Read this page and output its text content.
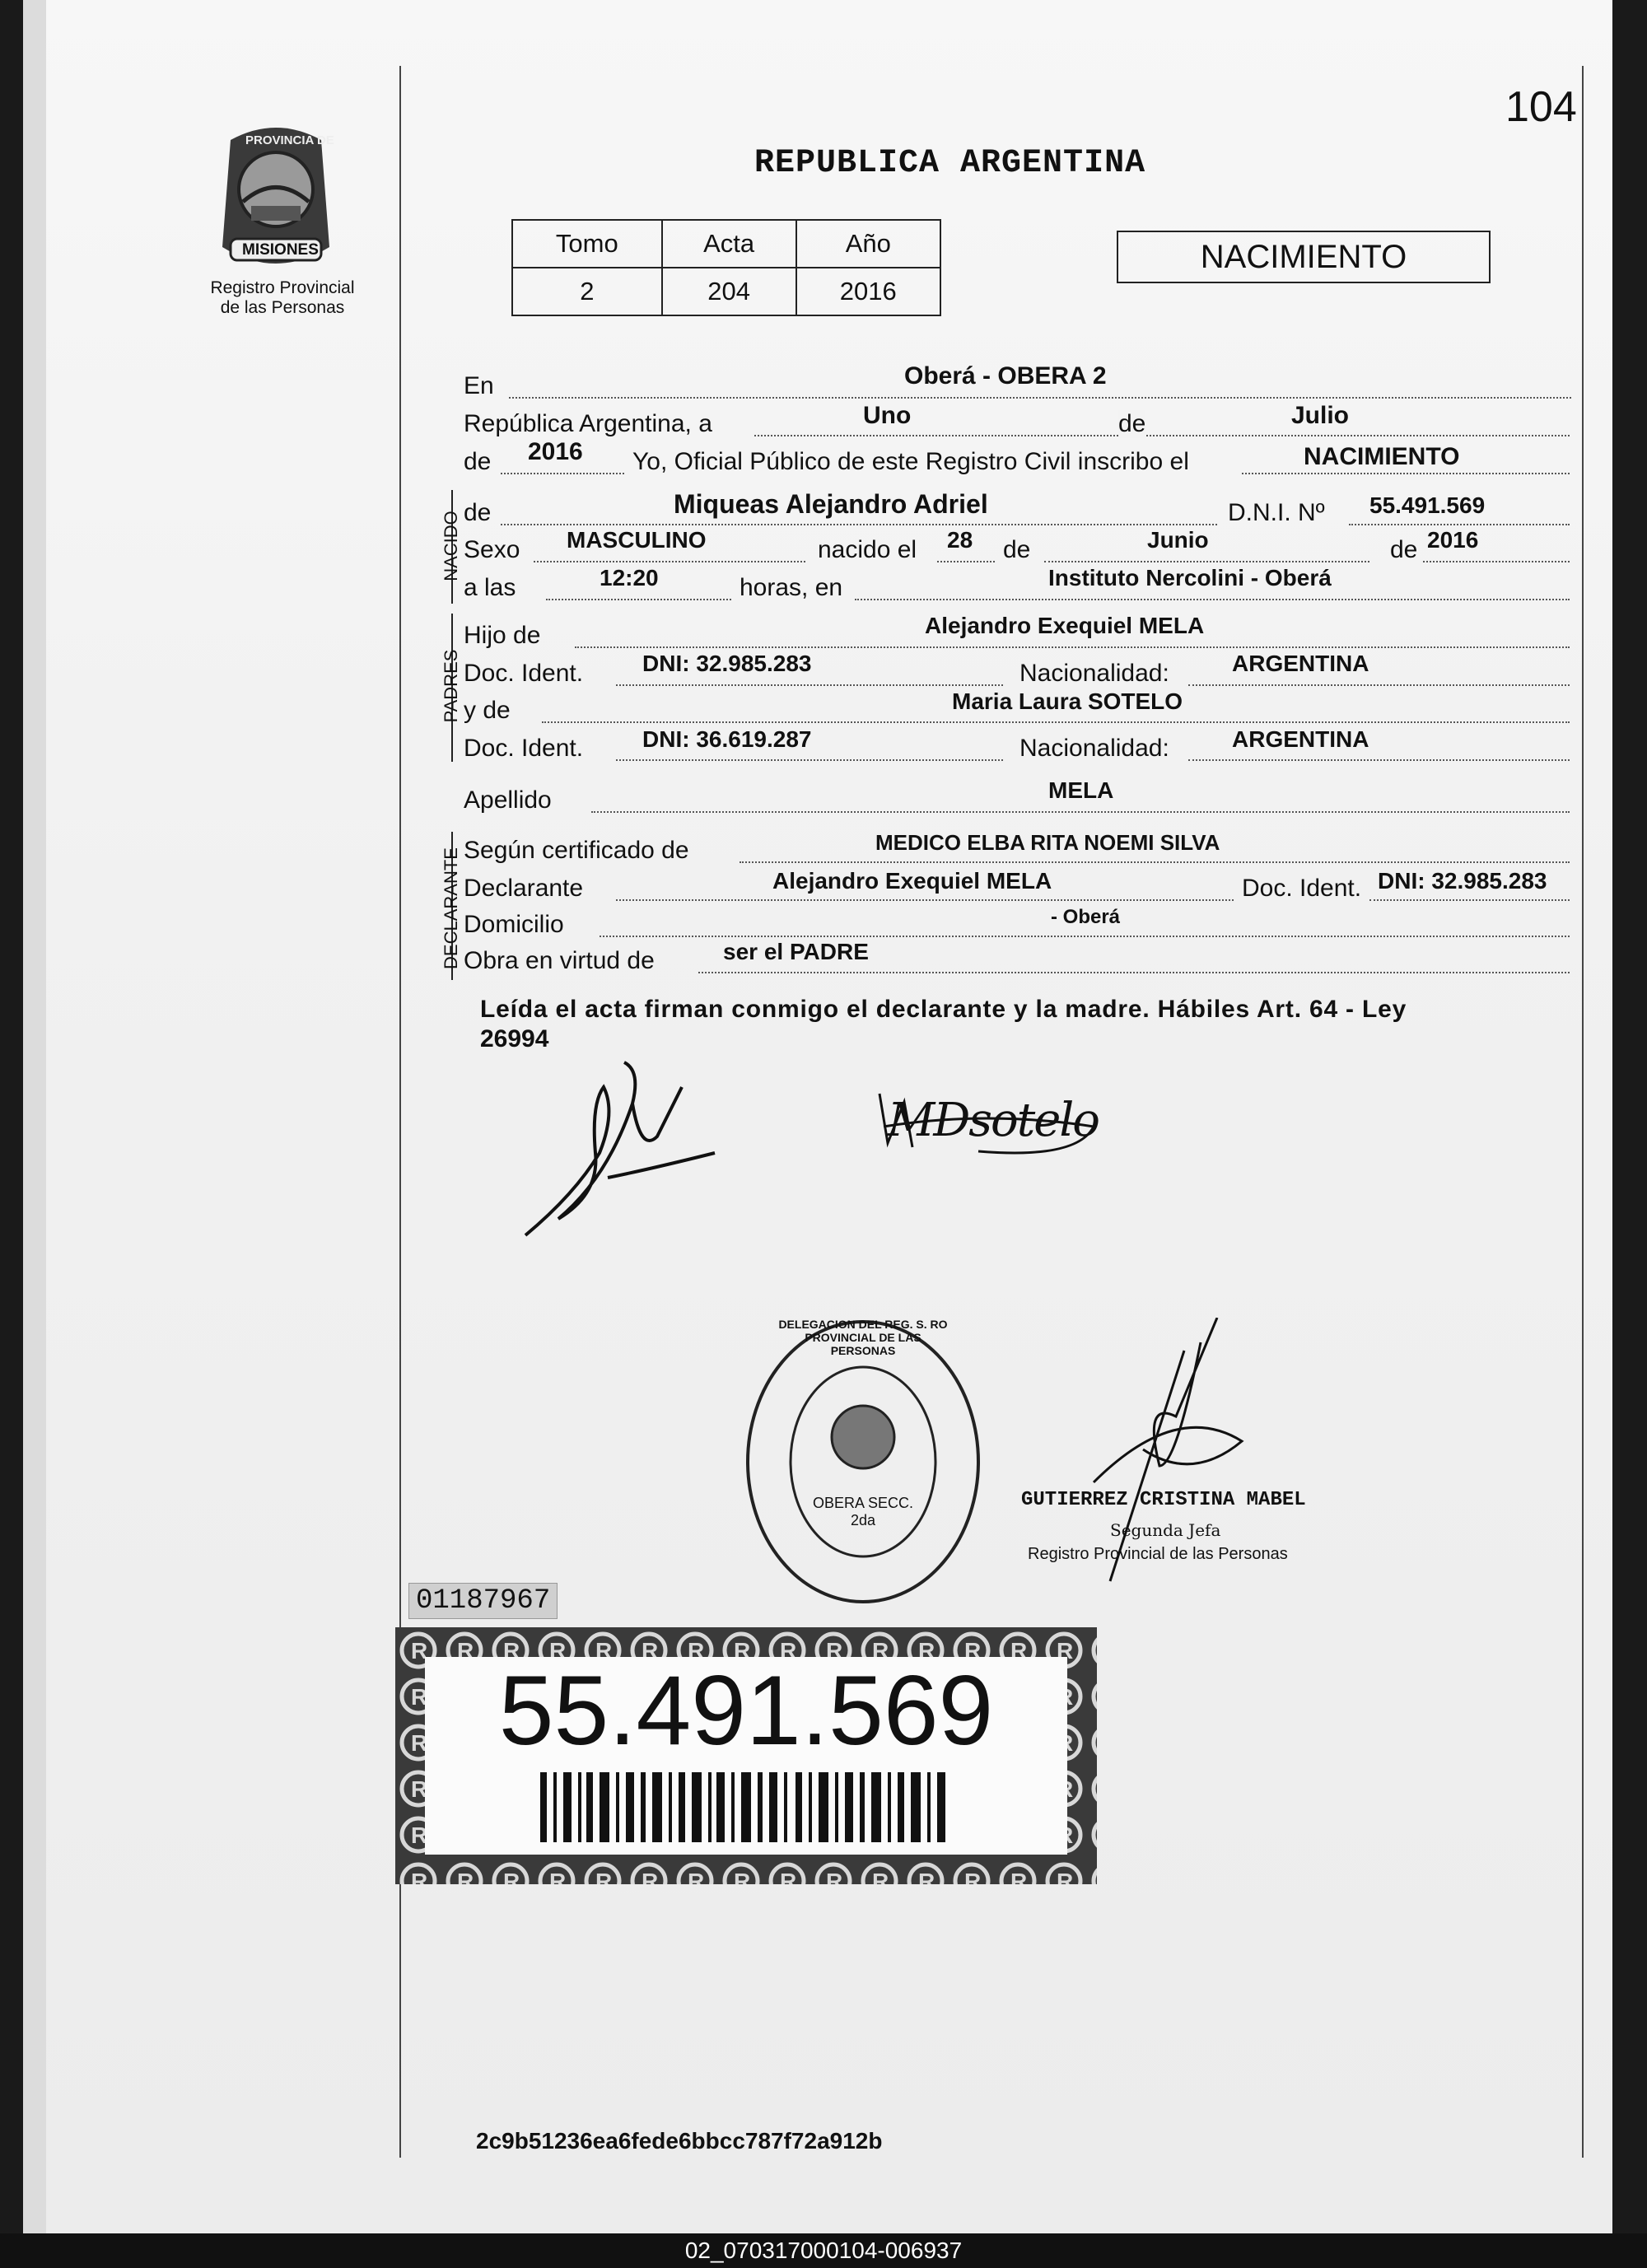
104
PROVINCIA DE
MISIONES
Registro Provincial
de las Personas
REPUBLICA ARGENTINA
Tomo	Acta	Año
2	204	2016
NACIMIENTO
En	Oberá - OBERA 2
República Argentina, a	Uno	de	Julio
de 2016 Yo, Oficial Público de este Registro Civil inscribo el	NACIMIENTO
NACIDO de	Miqueas Alejandro Adriel	D.N.I. Nº 55.491.569
Sexo MASCULINO	nacido el 28 de	Junio	de 2016
a las	12:20	horas, en	Instituto Nercolini - Oberá
PADRES
Hijo de	Alejandro Exequiel MELA
Doc. Ident.	DNI: 32.985.283	Nacionalidad:	ARGENTINA
y de	Maria Laura SOTELO
Doc. Ident.	DNI: 36.619.287	Nacionalidad:	ARGENTINA
Apellido	MELA
DECLARANTE Según certificado de	MEDICO ELBA RITA NOEMI SILVA
Declarante	Alejandro Exequiel MELA	Doc. Ident. DNI: 32.985.283
Domicilio	- Oberá
Obra en virtud de	ser el PADRE
Leída el acta firman conmigo el declarante y la madre. Hábiles Art. 64 - Ley
26994
MDsotelo
DELEGACION DEL REG. S. RO PROVINCIAL DE LAS PERSONAS
OBERA SECC. 2da
GUTIERREZ CRISTINA MABEL
Segunda Jefa
Registro Provincial de las Personas
01187967
55.491.569
2c9b51236ea6fede6bbcc787f72a912b
02_070317000104-006937
